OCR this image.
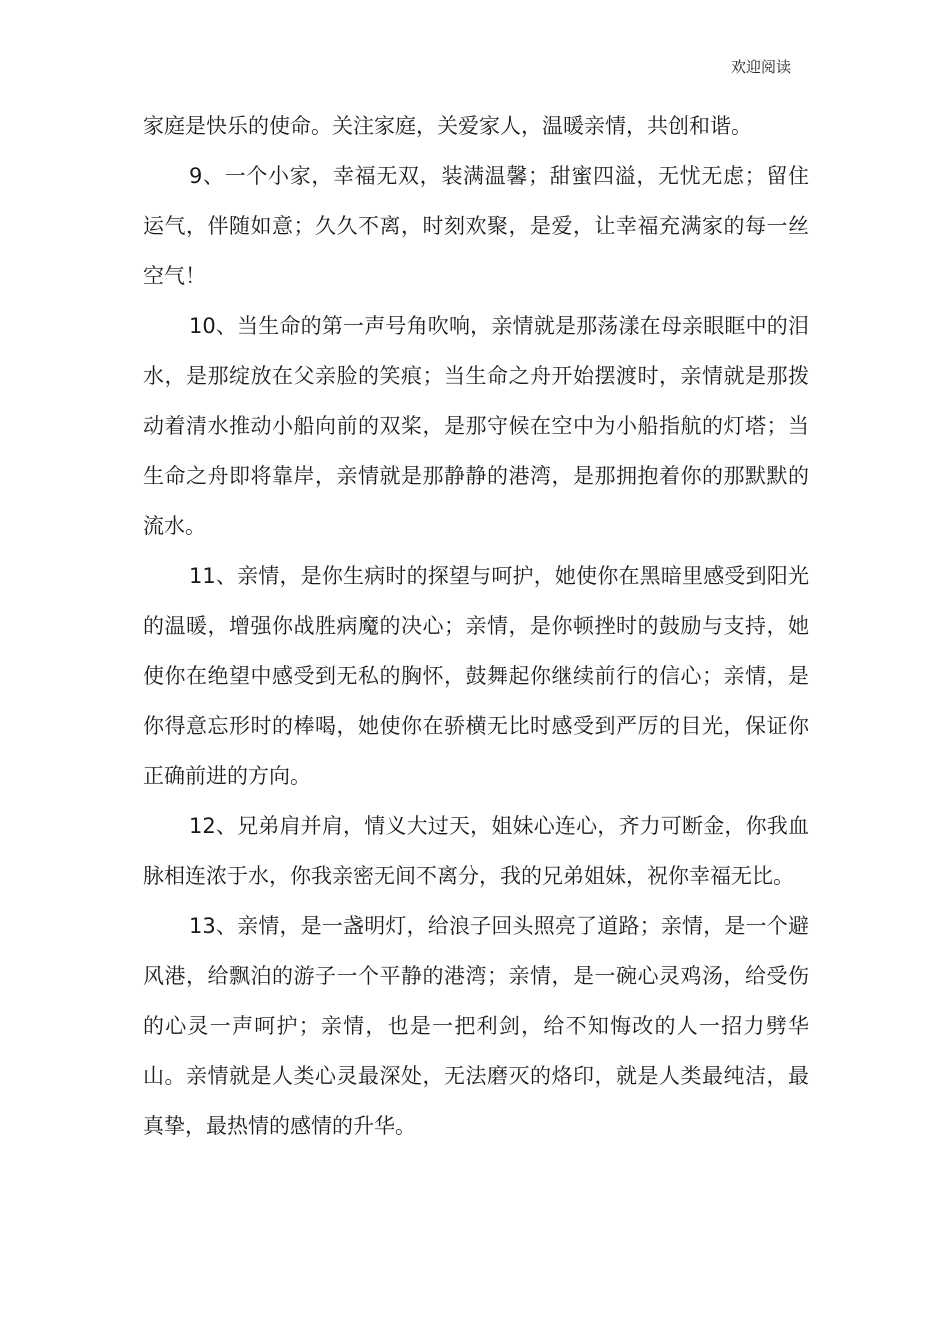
欢迎阅读

家庭是快乐的使命。关注家庭，关爱家人，温暖亲情，共创和谐。

9、一个小家，幸福无双，装满温馨；甜蜜四溢，无忧无虑；留住运气，伴随如意；久久不离，时刻欢聚，是爱，让幸福充满家的每一丝空气！

10、当生命的第一声号角吹响，亲情就是那荡漾在母亲眼眶中的泪水，是那绽放在父亲脸的笑痕；当生命之舟开始摆渡时，亲情就是那拨动着清水推动小船向前的双桨，是那守候在空中为小船指航的灯塔；当生命之舟即将靠岸，亲情就是那静静的港湾，是那拥抱着你的那默默的流水。

11、亲情，是你生病时的探望与呵护，她使你在黑暗里感受到阳光的温暖，增强你战胜病魔的决心；亲情，是你顿挫时的鼓励与支持，她使你在绝望中感受到无私的胸怀，鼓舞起你继续前行的信心；亲情，是你得意忘形时的棒喝，她使你在骄横无比时感受到严厉的目光，保证你正确前进的方向。

12、兄弟肩并肩，情义大过天，姐妹心连心，齐力可断金，你我血脉相连浓于水，你我亲密无间不离分，我的兄弟姐妹，祝你幸福无比。

13、亲情，是一盏明灯，给浪子回头照亮了道路；亲情，是一个避风港，给飘泊的游子一个平静的港湾；亲情，是一碗心灵鸡汤，给受伤的心灵一声呵护；亲情，也是一把利剑，给不知悔改的人一招力劈华山。亲情就是人类心灵最深处，无法磨灭的烙印，就是人类最纯洁，最真挚，最热情的感情的升华。
